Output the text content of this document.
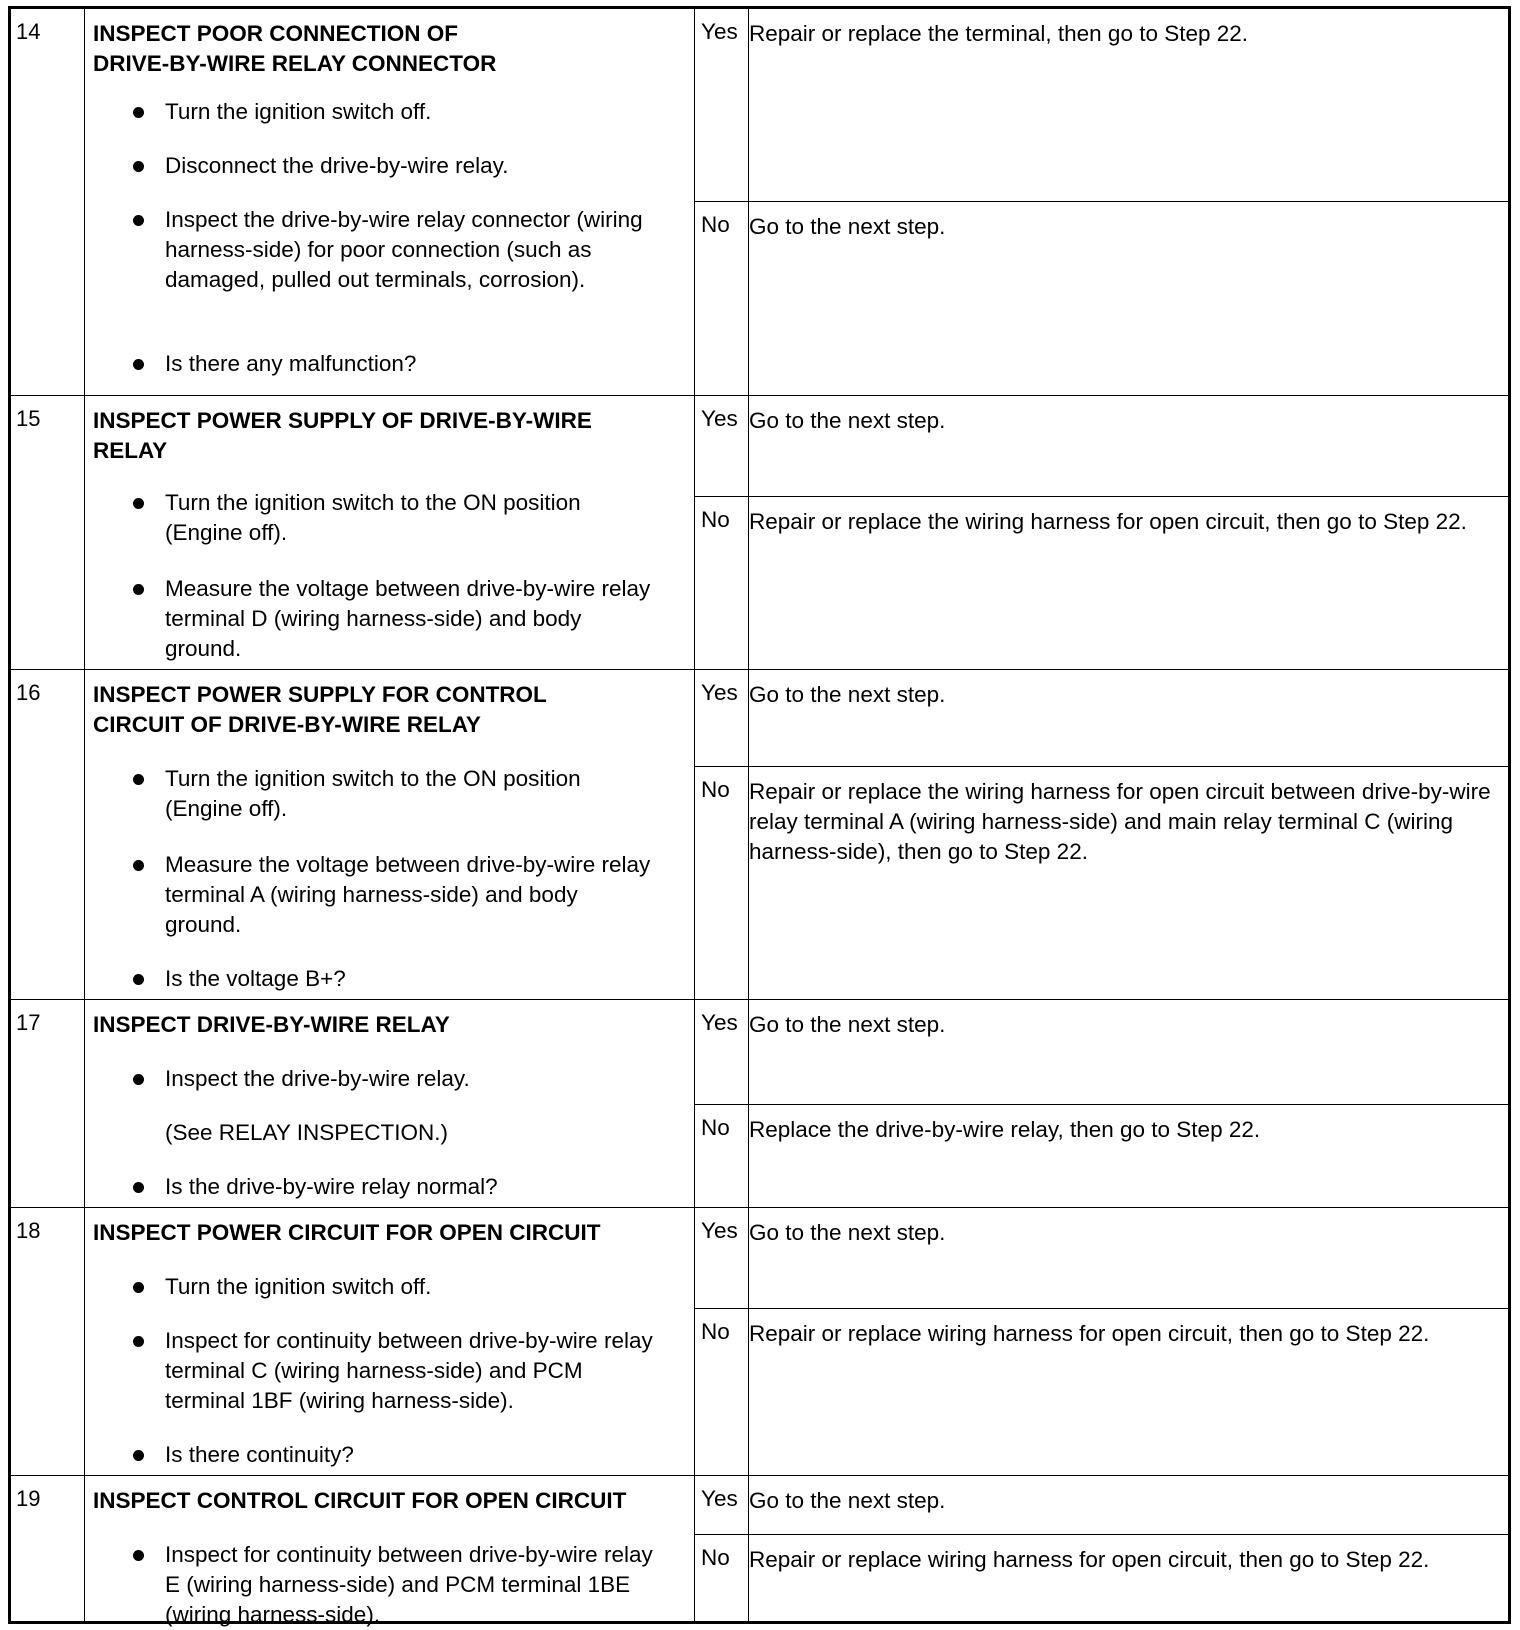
14 INSPECT POOR CONNECTION OF
DRIVE-BY-WIRE RELAY CONNECTOR
Turn the ignition switch off.
Disconnect the drive-by-wire relay.
Inspect the drive-by-wire relay connector (wiring harness-side) for poor connection (such as damaged, pulled out terminals, corrosion).
Is there any malfunction?
Yes Repair or replace the terminal, then go to Step 22.
No Go to the next step.
15 INSPECT POWER SUPPLY OF DRIVE-BY-WIRE
RELAY
Turn the ignition switch to the ON position (Engine off).
Measure the voltage between drive-by-wire relay terminal D (wiring harness-side) and body ground.
Yes Go to the next step.
No Repair or replace the wiring harness for open circuit, then go to Step 22.
16 INSPECT POWER SUPPLY FOR CONTROL
CIRCUIT OF DRIVE-BY-WIRE RELAY
Turn the ignition switch to the ON position (Engine off).
Measure the voltage between drive-by-wire relay terminal A (wiring harness-side) and body ground.
Is the voltage B+?
Yes Go to the next step.
No Repair or replace the wiring harness for open circuit between drive-by-wire relay terminal A (wiring harness-side) and main relay terminal C (wiring harness-side), then go to Step 22.
17 INSPECT DRIVE-BY-WIRE RELAY
Inspect the drive-by-wire relay.
(See RELAY INSPECTION.)
Is the drive-by-wire relay normal?
Yes Go to the next step.
No Replace the drive-by-wire relay, then go to Step 22.
18 INSPECT POWER CIRCUIT FOR OPEN CIRCUIT
Turn the ignition switch off.
Inspect for continuity between drive-by-wire relay terminal C (wiring harness-side) and PCM terminal 1BF (wiring harness-side).
Is there continuity?
Yes Go to the next step.
No Repair or replace wiring harness for open circuit, then go to Step 22.
19 INSPECT CONTROL CIRCUIT FOR OPEN CIRCUIT
Inspect for continuity between drive-by-wire relay E (wiring harness-side) and PCM terminal 1BE (wiring harness-side).
Yes Go to the next step.
No Repair or replace wiring harness for open circuit, then go to Step 22.
